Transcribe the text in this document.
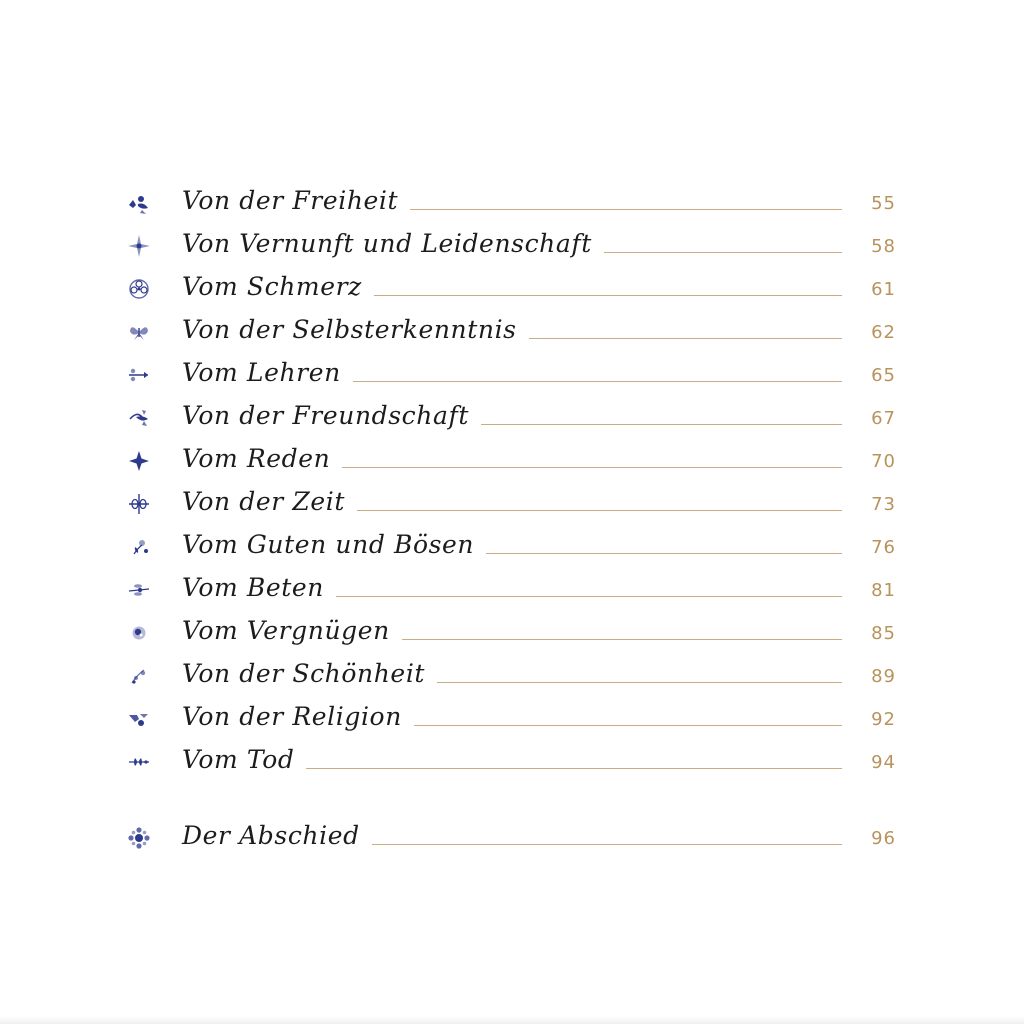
Von der Freiheit	55
Von Vernunft und Leidenschaft	58
Vom Schmerz	61
Von der Selbsterkenntnis	62
Vom Lehren	65
Von der Freundschaft	67
Vom Reden	70
Von der Zeit	73
Vom Guten und Bösen	76
Vom Beten	81
Vom Vergnügen	85
Von der Schönheit	89
Von der Religion	92
Vom Tod	94
Der Abschied	96
